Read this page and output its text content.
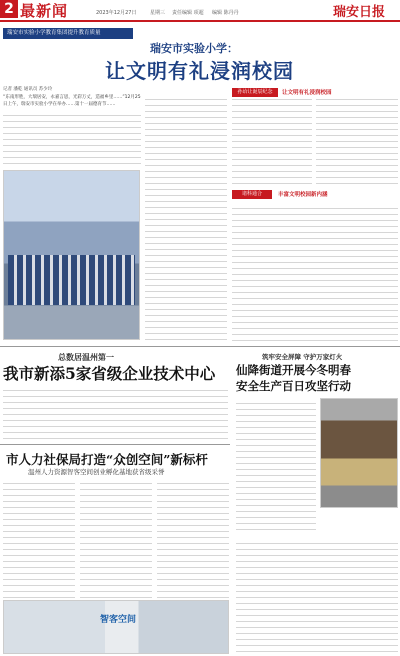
2 最新闻	2023年12月27日	星期三 责任编辑 项超 编辑 陈丹丹	瑞安日报
瑞安市实验小学教育集团提升教育质量
瑞安市实验小学：
让文明有礼浸润校园
记者 潘乾 通讯员 苏少玲
“东南形胜，大瑞居安，永嘉言思，光彩万丈，造福乡里……”12月25日上午，瑞安市实验小学在举办……第十一届德育节……
孙诒让诞辰纪念	让文明有礼浸润校园
诸科通合	丰富文明校园新内涵
总数居温州第一
我市新添5家省级企业技术中心
筑牢安全屏障 守护万家灯火
仙降街道开展今冬明春
安全生产百日攻坚行动
市人力社保局打造“众创空间”新标杆
温州人力资源智客空间创业孵化基地获省级采誉
智客空间
